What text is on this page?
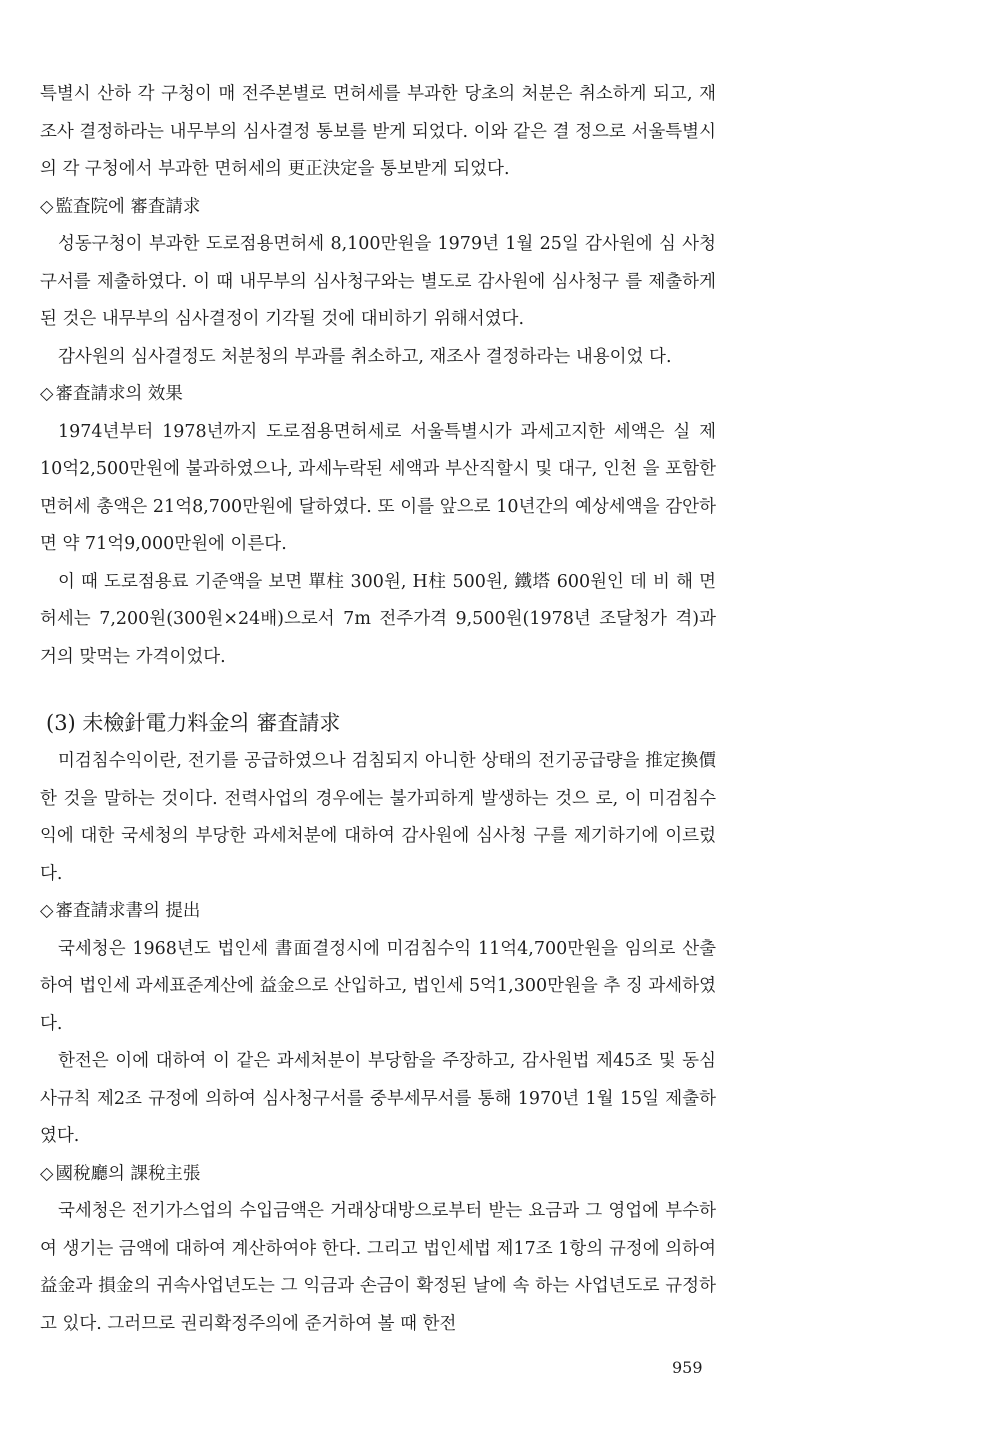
특별시 산하 각 구청이 매 전주본별로 면허세를 부과한 당초의 처분은 취소하게 되고, 재조사 결정하라는 내무부의 심사결정 통보를 받게 되었다. 이와 같은 결 정으로 서울특별시의 각 구청에서 부과한 면허세의 更正決定을 통보받게 되었다.

◇ 監査院에 審査請求

성동구청이 부과한 도로점용면허세 8,100만원을 1979년 1월 25일 감사원에 심 사청구서를 제출하였다. 이 때 내무부의 심사청구와는 별도로 감사원에 심사청구 를 제출하게 된 것은 내무부의 심사결정이 기각될 것에 대비하기 위해서였다.

감사원의 심사결정도 처분청의 부과를 취소하고, 재조사 결정하라는 내용이었 다.

◇ 審査請求의 效果

1974년부터 1978년까지 도로점용면허세로 서울특별시가 과세고지한 세액은 실 제 10억2,500만원에 불과하였으나, 과세누락된 세액과 부산직할시 및 대구, 인천 을 포함한 면허세 총액은 21억8,700만원에 달하였다. 또 이를 앞으로 10년간의 예상세액을 감안하면 약 71억9,000만원에 이른다.

이 때 도로점용료 기준액을 보면 單柱 300원, H柱 500원, 鐵塔 600원인 데 비 해 면허세는 7,200원(300원×24배)으로서 7m 전주가격 9,500원(1978년 조달청가 격)과 거의 맞먹는 가격이었다.

(3) 未檢針電力料金의 審査請求

미검침수익이란, 전기를 공급하였으나 검침되지 아니한 상태의 전기공급량을 推定換價한 것을 말하는 것이다. 전력사업의 경우에는 불가피하게 발생하는 것으 로, 이 미검침수익에 대한 국세청의 부당한 과세처분에 대하여 감사원에 심사청 구를 제기하기에 이르렀다.

◇ 審査請求書의 提出

국세청은 1968년도 법인세 書面결정시에 미검침수익 11억4,700만원을 임의로 산출하여 법인세 과세표준계산에 益金으로 산입하고, 법인세 5억1,300만원을 추 징 과세하였다.

한전은 이에 대하여 이 같은 과세처분이 부당함을 주장하고, 감사원법 제45조 및 동심사규칙 제2조 규정에 의하여 심사청구서를 중부세무서를 통해 1970년 1월 15일 제출하였다.

◇ 國稅廳의 課稅主張

국세청은 전기가스업의 수입금액은 거래상대방으로부터 받는 요금과 그 영업에 부수하여 생기는 금액에 대하여 계산하여야 한다. 그리고 법인세법 제17조 1항의 규정에 의하여 益金과 損金의 귀속사업년도는 그 익금과 손금이 확정된 날에 속 하는 사업년도로 규정하고 있다. 그러므로 권리확정주의에 준거하여 볼 때 한전

959
